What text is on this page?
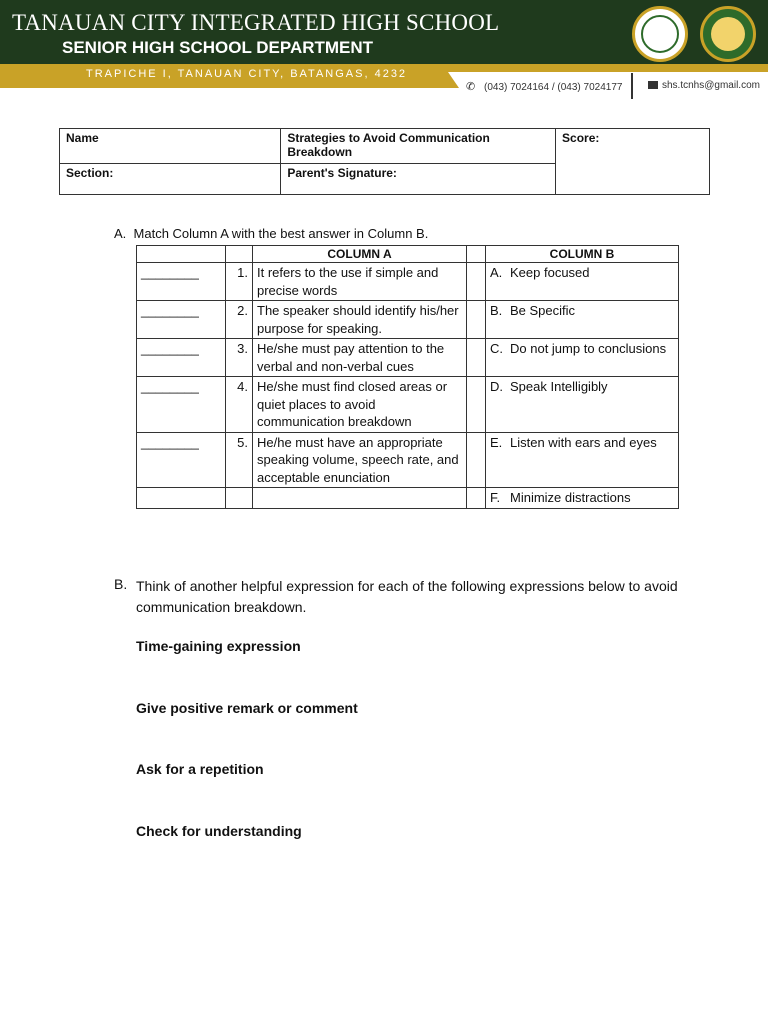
TANAUAN CITY INTEGRATED HIGH SCHOOL
SENIOR HIGH SCHOOL DEPARTMENT
TRAPICHE I, TANAUAN CITY, BATANGAS, 4232
✆ (043) 7024164 / (043) 7024177	shs.tcnhs@gmail.com
Name	Strategies to Avoid Communication Breakdown	Score:
Section:	Parent's Signature:	
A. Match Column A with the best answer in Column B.
		COLUMN A		COLUMN B
________	1.	It refers to the use if simple and precise words		A. Keep focused
________	2.	The speaker should identify his/her purpose for speaking.		B. Be Specific
________	3.	He/she must pay attention to the verbal and non-verbal cues		C. Do not jump to conclusions

________	4.	He/she must find closed areas or quiet places to avoid communication breakdown		D. Speak Intelligibly
________	5.	He/he must have an appropriate speaking volume, speech rate, and acceptable enunciation		E. Listen with ears and eyes

				F. Minimize distractions
B. Think of another helpful expression for each of the following expressions below to avoid communication breakdown.
Time-gaining expression
Give positive remark or comment
Ask for a repetition
Check for understanding
